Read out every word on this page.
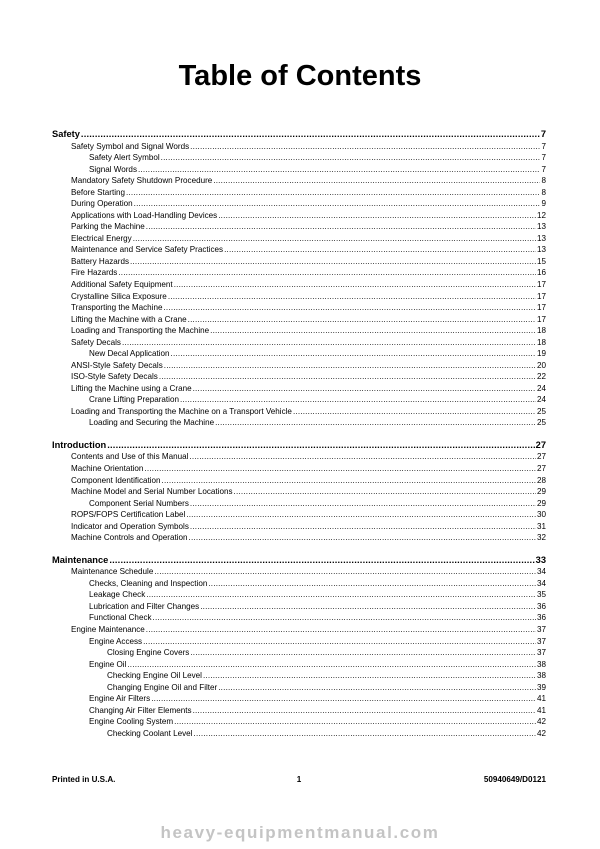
Table of Contents
Safety .....	7
Safety Symbol and Signal Words .....	7
Safety Alert Symbol .....	7
Signal Words .....	7
Mandatory Safety Shutdown Procedure .....	8
Before Starting .....	8
During Operation .....	9
Applications with Load-Handling Devices .....	12
Parking the Machine .....	13
Electrical Energy .....	13
Maintenance and Service Safety Practices .....	13
Battery Hazards .....	15
Fire Hazards .....	16
Additional Safety Equipment .....	17
Crystalline Silica Exposure .....	17
Transporting the Machine .....	17
Lifting the Machine with a Crane .....	17
Loading and Transporting the Machine .....	18
Safety Decals .....	18
New Decal Application .....	19
ANSI-Style Safety Decals .....	20
ISO-Style Safety Decals .....	22
Lifting the Machine using a Crane .....	24
Crane Lifting Preparation .....	24
Loading and Transporting the Machine on a Transport Vehicle .....	25
Loading and Securing the Machine .....	25
Introduction .....	27
Contents and Use of this Manual .....	27
Machine Orientation .....	27
Component Identification .....	28
Machine Model and Serial Number Locations .....	29
Component Serial Numbers .....	29
ROPS/FOPS Certification Label .....	30
Indicator and Operation Symbols .....	31
Machine Controls and Operation .....	32
Maintenance .....	33
Maintenance Schedule .....	34
Checks, Cleaning and Inspection .....	34
Leakage Check .....	35
Lubrication and Filter Changes .....	36
Functional Check .....	36
Engine Maintenance .....	37
Engine Access .....	37
Closing Engine Covers .....	37
Engine Oil .....	38
Checking Engine Oil Level .....	38
Changing Engine Oil and Filter .....	39
Engine Air Filters .....	41
Changing Air Filter Elements .....	41
Engine Cooling System .....	42
Checking Coolant Level .....	42
Printed in U.S.A.	1	50940649/D0121
heavy-equipmentmanual.com
